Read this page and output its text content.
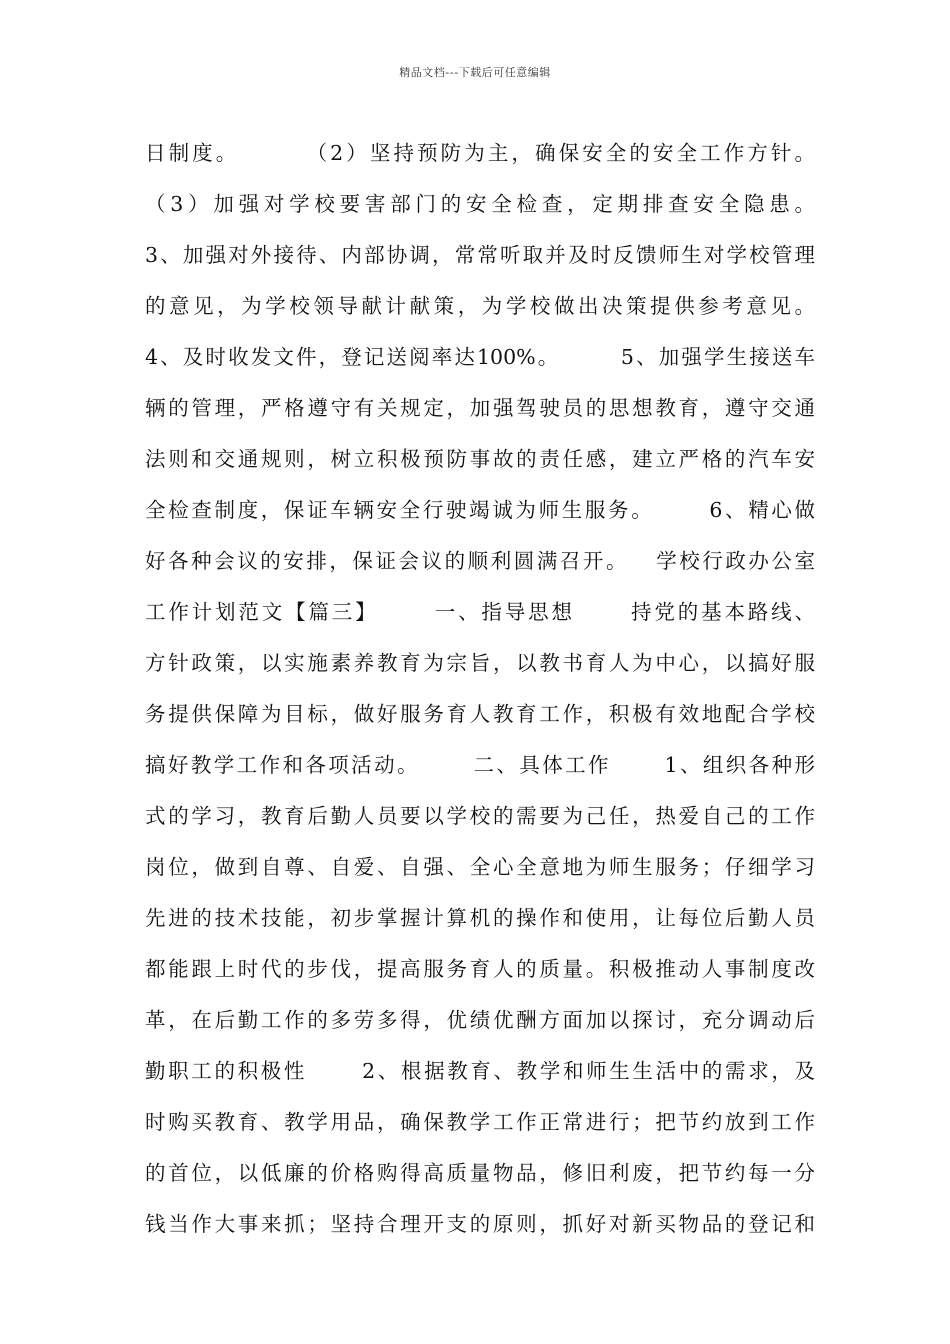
精品文档---下载后可任意编辑
日制度。       （2）坚持预防为主，确保安全的安全工作方针。
（3）加强对学校要害部门的安全检查，定期排查安全隐患。
3、加强对外接待、内部协调，常常听取并及时反馈师生对学校管理
的意见，为学校领导献计献策，为学校做出决策提供参考意见。
4、及时收发文件，登记送阅率达100%。       5、加强学生接送车
辆的管理，严格遵守有关规定，加强驾驶员的思想教育，遵守交通
法则和交通规则，树立积极预防事故的责任感，建立严格的汽车安
全检查制度，保证车辆安全行驶竭诚为师生服务。      6、精心做
好各种会议的安排，保证会议的顺利圆满召开。   学校行政办公室
工作计划范文【篇三】      一、指导思想      持党的基本路线、
方针政策，以实施素养教育为宗旨，以教书育人为中心，以搞好服
务提供保障为目标，做好服务育人教育工作，积极有效地配合学校
搞好教学工作和各项活动。      二、具体工作      1、组织各种形
式的学习，教育后勤人员要以学校的需要为己任，热爱自己的工作
岗位，做到自尊、自爱、自强、全心全意地为师生服务；仔细学习
先进的技术技能，初步掌握计算机的操作和使用，让每位后勤人员
都能跟上时代的步伐，提高服务育人的质量。积极推动人事制度改
革，在后勤工作的多劳多得，优绩优酬方面加以探讨，充分调动后
勤职工的积极性      2、根据教育、教学和师生生活中的需求，及
时购买教育、教学用品，确保教学工作正常进行；把节约放到工作
的首位，以低廉的价格购得高质量物品，修旧利废，把节约每一分
钱当作大事来抓；坚持合理开支的原则，抓好对新买物品的登记和
